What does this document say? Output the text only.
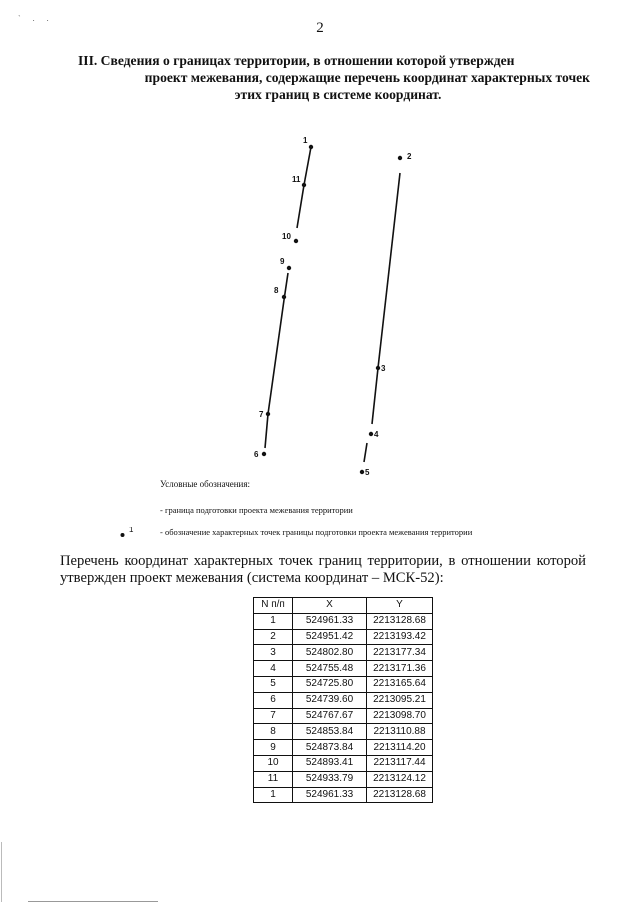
` . .
2
III. Сведения о границах территории, в отношении которой утвержден
проект межевания, содержащие перечень координат характерных точек
этих границ в системе координат.
1
2
3
4
5
6
7
8
9
10
11
Условные обозначения:
- граница подготовки проекта межевания территории
1	- обозначение характерных точек границы подготовки проекта межевания территории
Перечень координат характерных точек границ территории, в отношении которой утвержден проект межевания (система координат – МСК-52):
N п/п	X	Y
1	524961.33	2213128.68
2	524951.42	2213193.42
3	524802.80	2213177.34
4	524755.48	2213171.36
5	524725.80	2213165.64
6	524739.60	2213095.21
7	524767.67	2213098.70
8	524853.84	2213110.88
9	524873.84	2213114.20
10	524893.41	2213117.44
11	524933.79	2213124.12
1	524961.33	2213128.68
